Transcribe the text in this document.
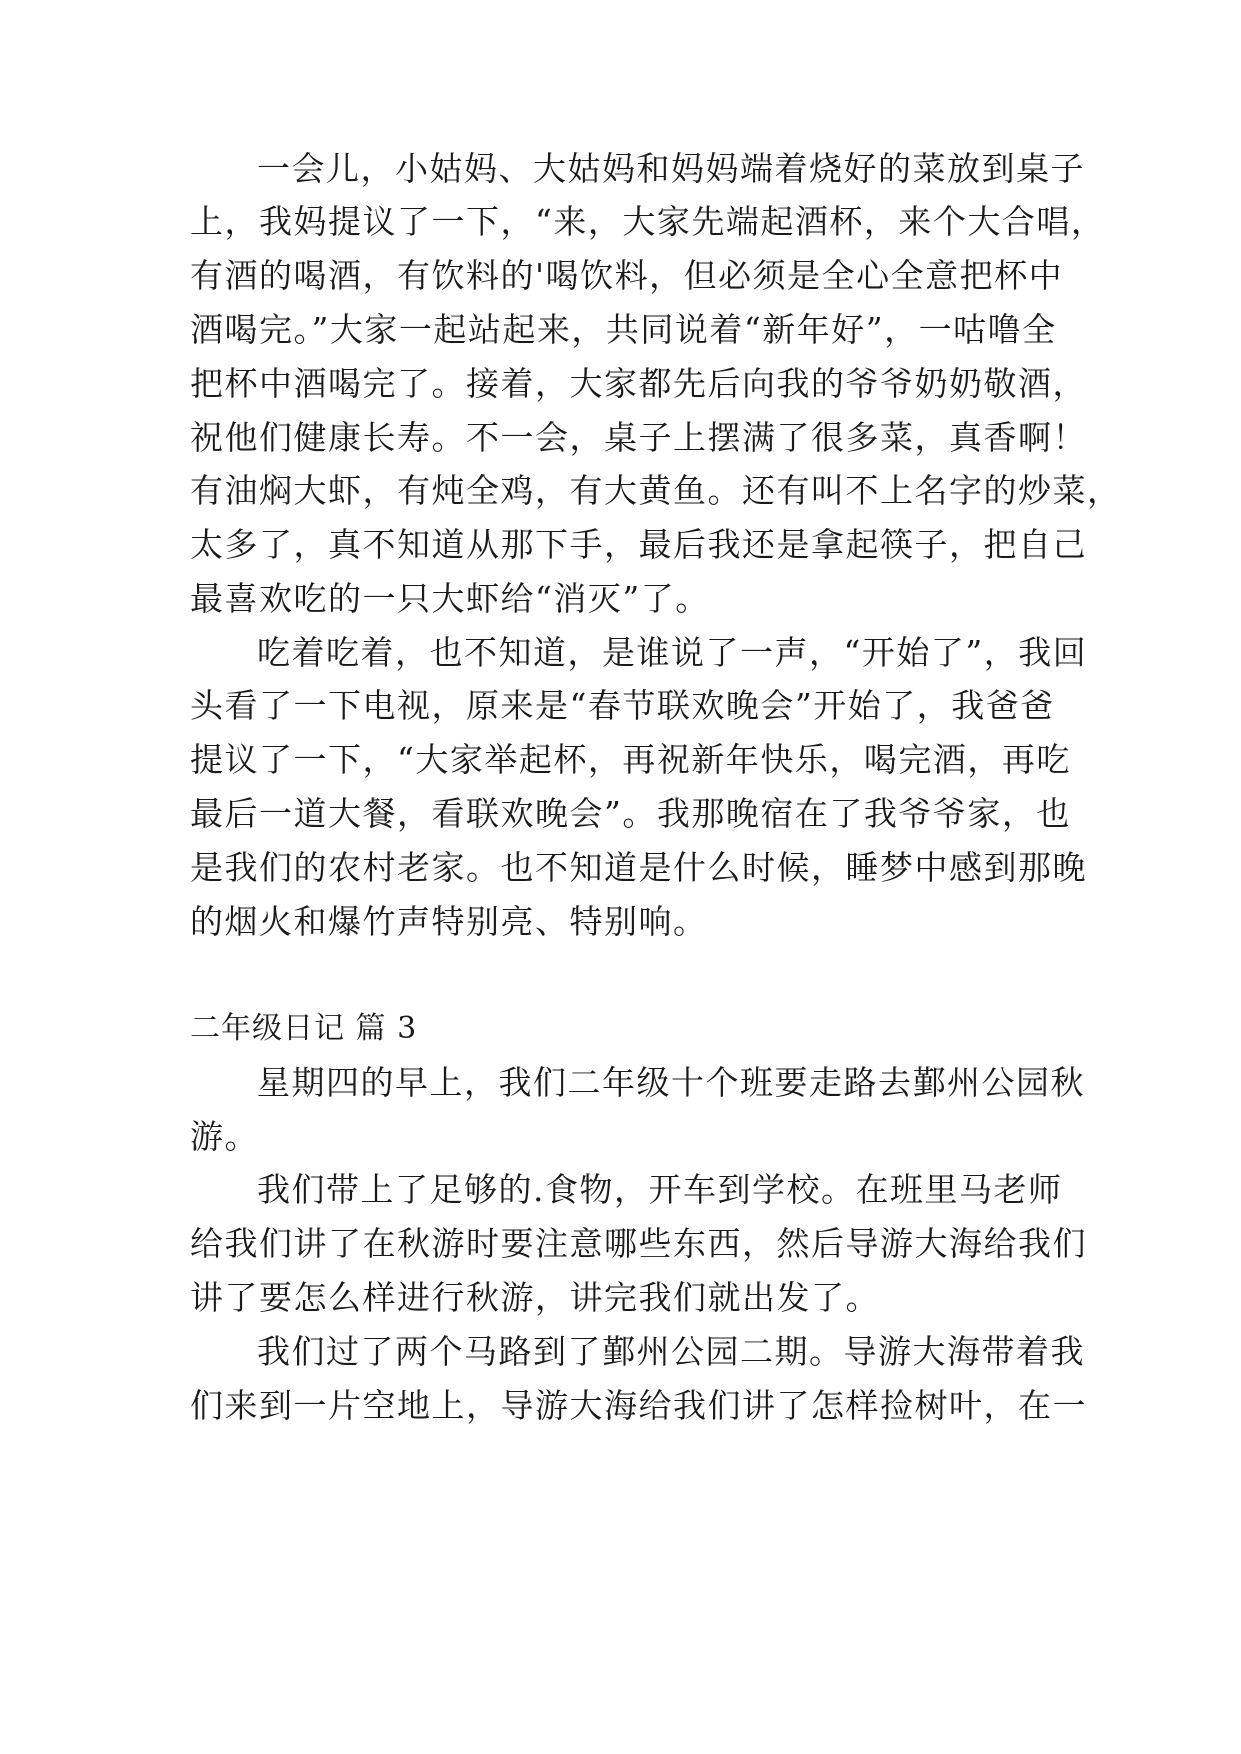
一会儿，小姑妈、大姑妈和妈妈端着烧好的菜放到桌子
上，我妈提议了一下，“来，大家先端起酒杯，来个大合唱，
有酒的喝酒，有饮料的'喝饮料，但必须是全心全意把杯中
酒喝完。”大家一起站起来，共同说着“新年好”，一咕噜全
把杯中酒喝完了。接着，大家都先后向我的爷爷奶奶敬酒，
祝他们健康长寿。不一会，桌子上摆满了很多菜，真香啊！
有油焖大虾，有炖全鸡，有大黄鱼。还有叫不上名字的炒菜，
太多了，真不知道从那下手，最后我还是拿起筷子，把自己
最喜欢吃的一只大虾给“消灭”了。
吃着吃着，也不知道，是谁说了一声，“开始了”，我回
头看了一下电视，原来是“春节联欢晚会”开始了，我爸爸
提议了一下，“大家举起杯，再祝新年快乐，喝完酒，再吃
最后一道大餐，看联欢晚会”。我那晚宿在了我爷爷家，也
是我们的农村老家。也不知道是什么时候，睡梦中感到那晚
的烟火和爆竹声特别亮、特别响。
二年级日记 篇 3
星期四的早上，我们二年级十个班要走路去鄞州公园秋
游。
我们带上了足够的.食物，开车到学校。在班里马老师
给我们讲了在秋游时要注意哪些东西，然后导游大海给我们
讲了要怎么样进行秋游，讲完我们就出发了。
我们过了两个马路到了鄞州公园二期。导游大海带着我
们来到一片空地上，导游大海给我们讲了怎样捡树叶，在一
